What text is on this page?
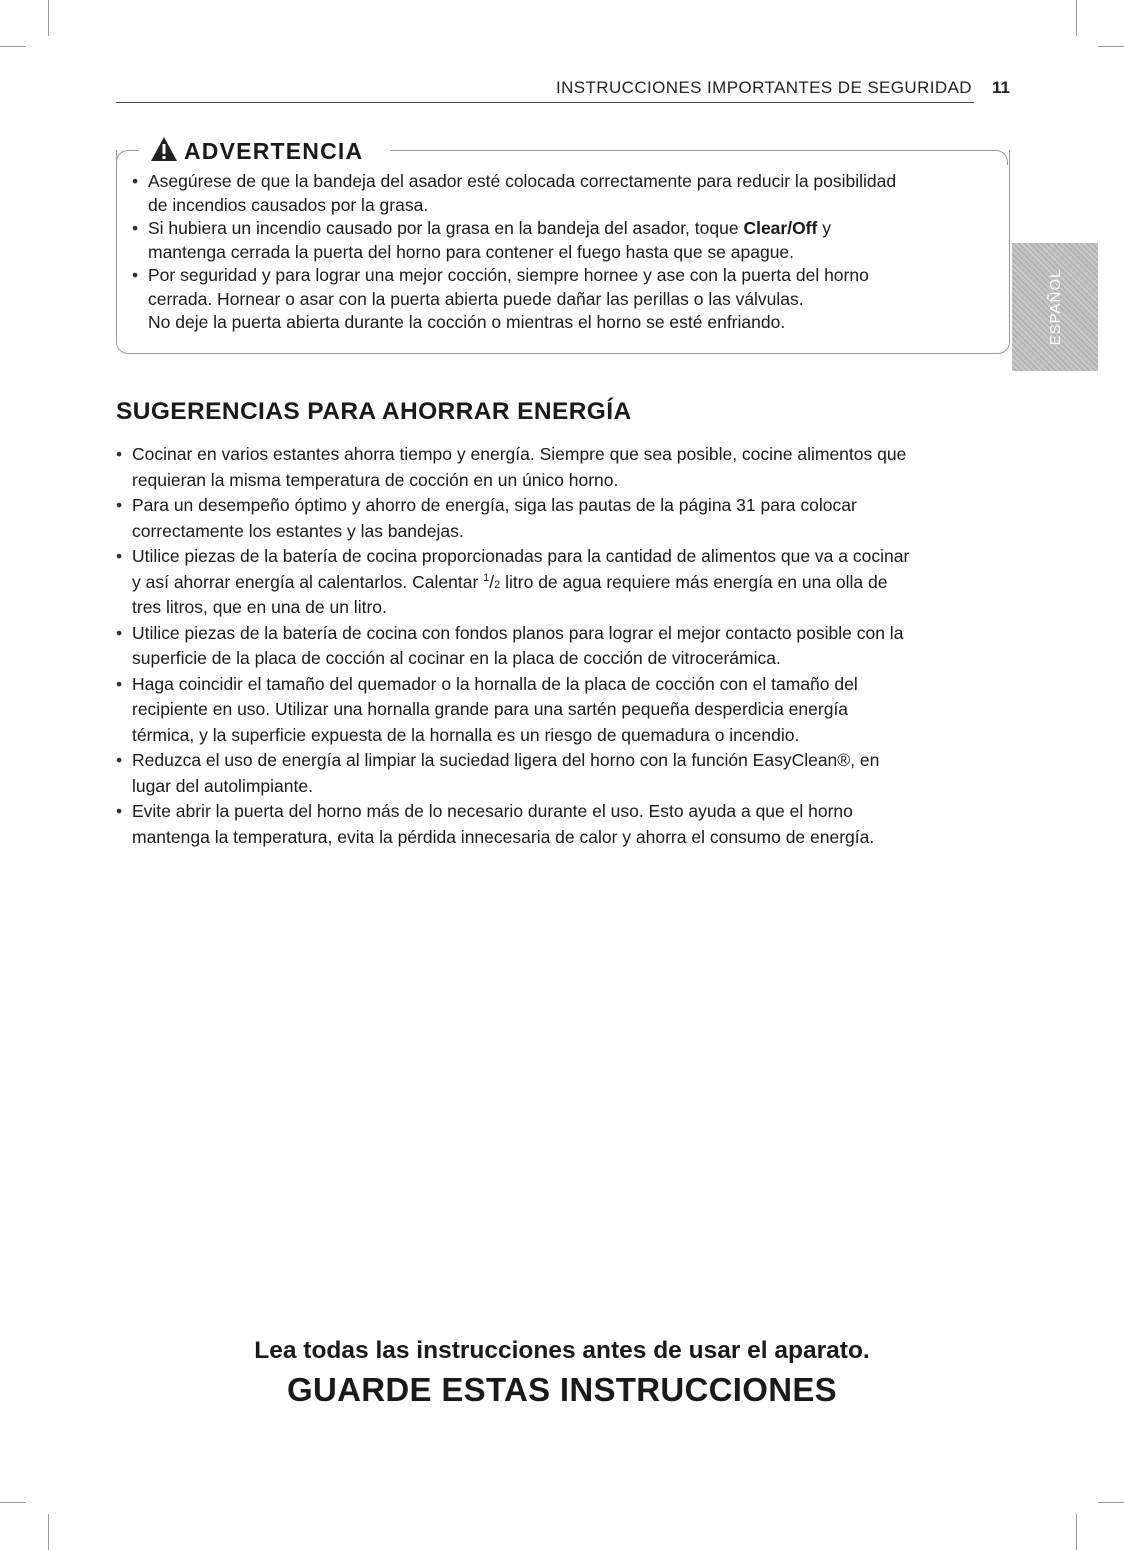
INSTRUCCIONES IMPORTANTES DE SEGURIDAD 11
ESPAÑOL
ADVERTENCIA
• Asegúrese de que la bandeja del asador esté colocada correctamente para reducir la posibilidad
de incendios causados por la grasa.
• Si hubiera un incendio causado por la grasa en la bandeja del asador, toque Clear/Off y
mantenga cerrada la puerta del horno para contener el fuego hasta que se apague.
• Por seguridad y para lograr una mejor cocción, siempre hornee y ase con la puerta del horno
cerrada. Hornear o asar con la puerta abierta puede dañar las perillas o las válvulas.
No deje la puerta abierta durante la cocción o mientras el horno se esté enfriando.
SUGERENCIAS PARA AHORRAR ENERGÍA
• Cocinar en varios estantes ahorra tiempo y energía. Siempre que sea posible, cocine alimentos que
requieran la misma temperatura de cocción en un único horno.
• Para un desempeño óptimo y ahorro de energía, siga las pautas de la página 31 para colocar
correctamente los estantes y las bandejas.
• Utilice piezas de la batería de cocina proporcionadas para la cantidad de alimentos que va a cocinar
y así ahorrar energía al calentarlos. Calentar $^1$/2 litro de agua requiere más energía en una olla de
tres litros, que en una de un litro.
• Utilice piezas de la batería de cocina con fondos planos para lograr el mejor contacto posible con la
superficie de la placa de cocción al cocinar en la placa de cocción de vitrocerámica.
• Haga coincidir el tamaño del quemador o la hornalla de la placa de cocción con el tamaño del
recipiente en uso. Utilizar una hornalla grande para una sartén pequeña desperdicia energía
térmica, y la superficie expuesta de la hornalla es un riesgo de quemadura o incendio.
• Reduzca el uso de energía al limpiar la suciedad ligera del horno con la función EasyClean®, en
lugar del autolimpiante.
• Evite abrir la puerta del horno más de lo necesario durante el uso. Esto ayuda a que el horno
mantenga la temperatura, evita la pérdida innecesaria de calor y ahorra el consumo de energía.
Lea todas las instrucciones antes de usar el aparato.
GUARDE ESTAS INSTRUCCIONES
